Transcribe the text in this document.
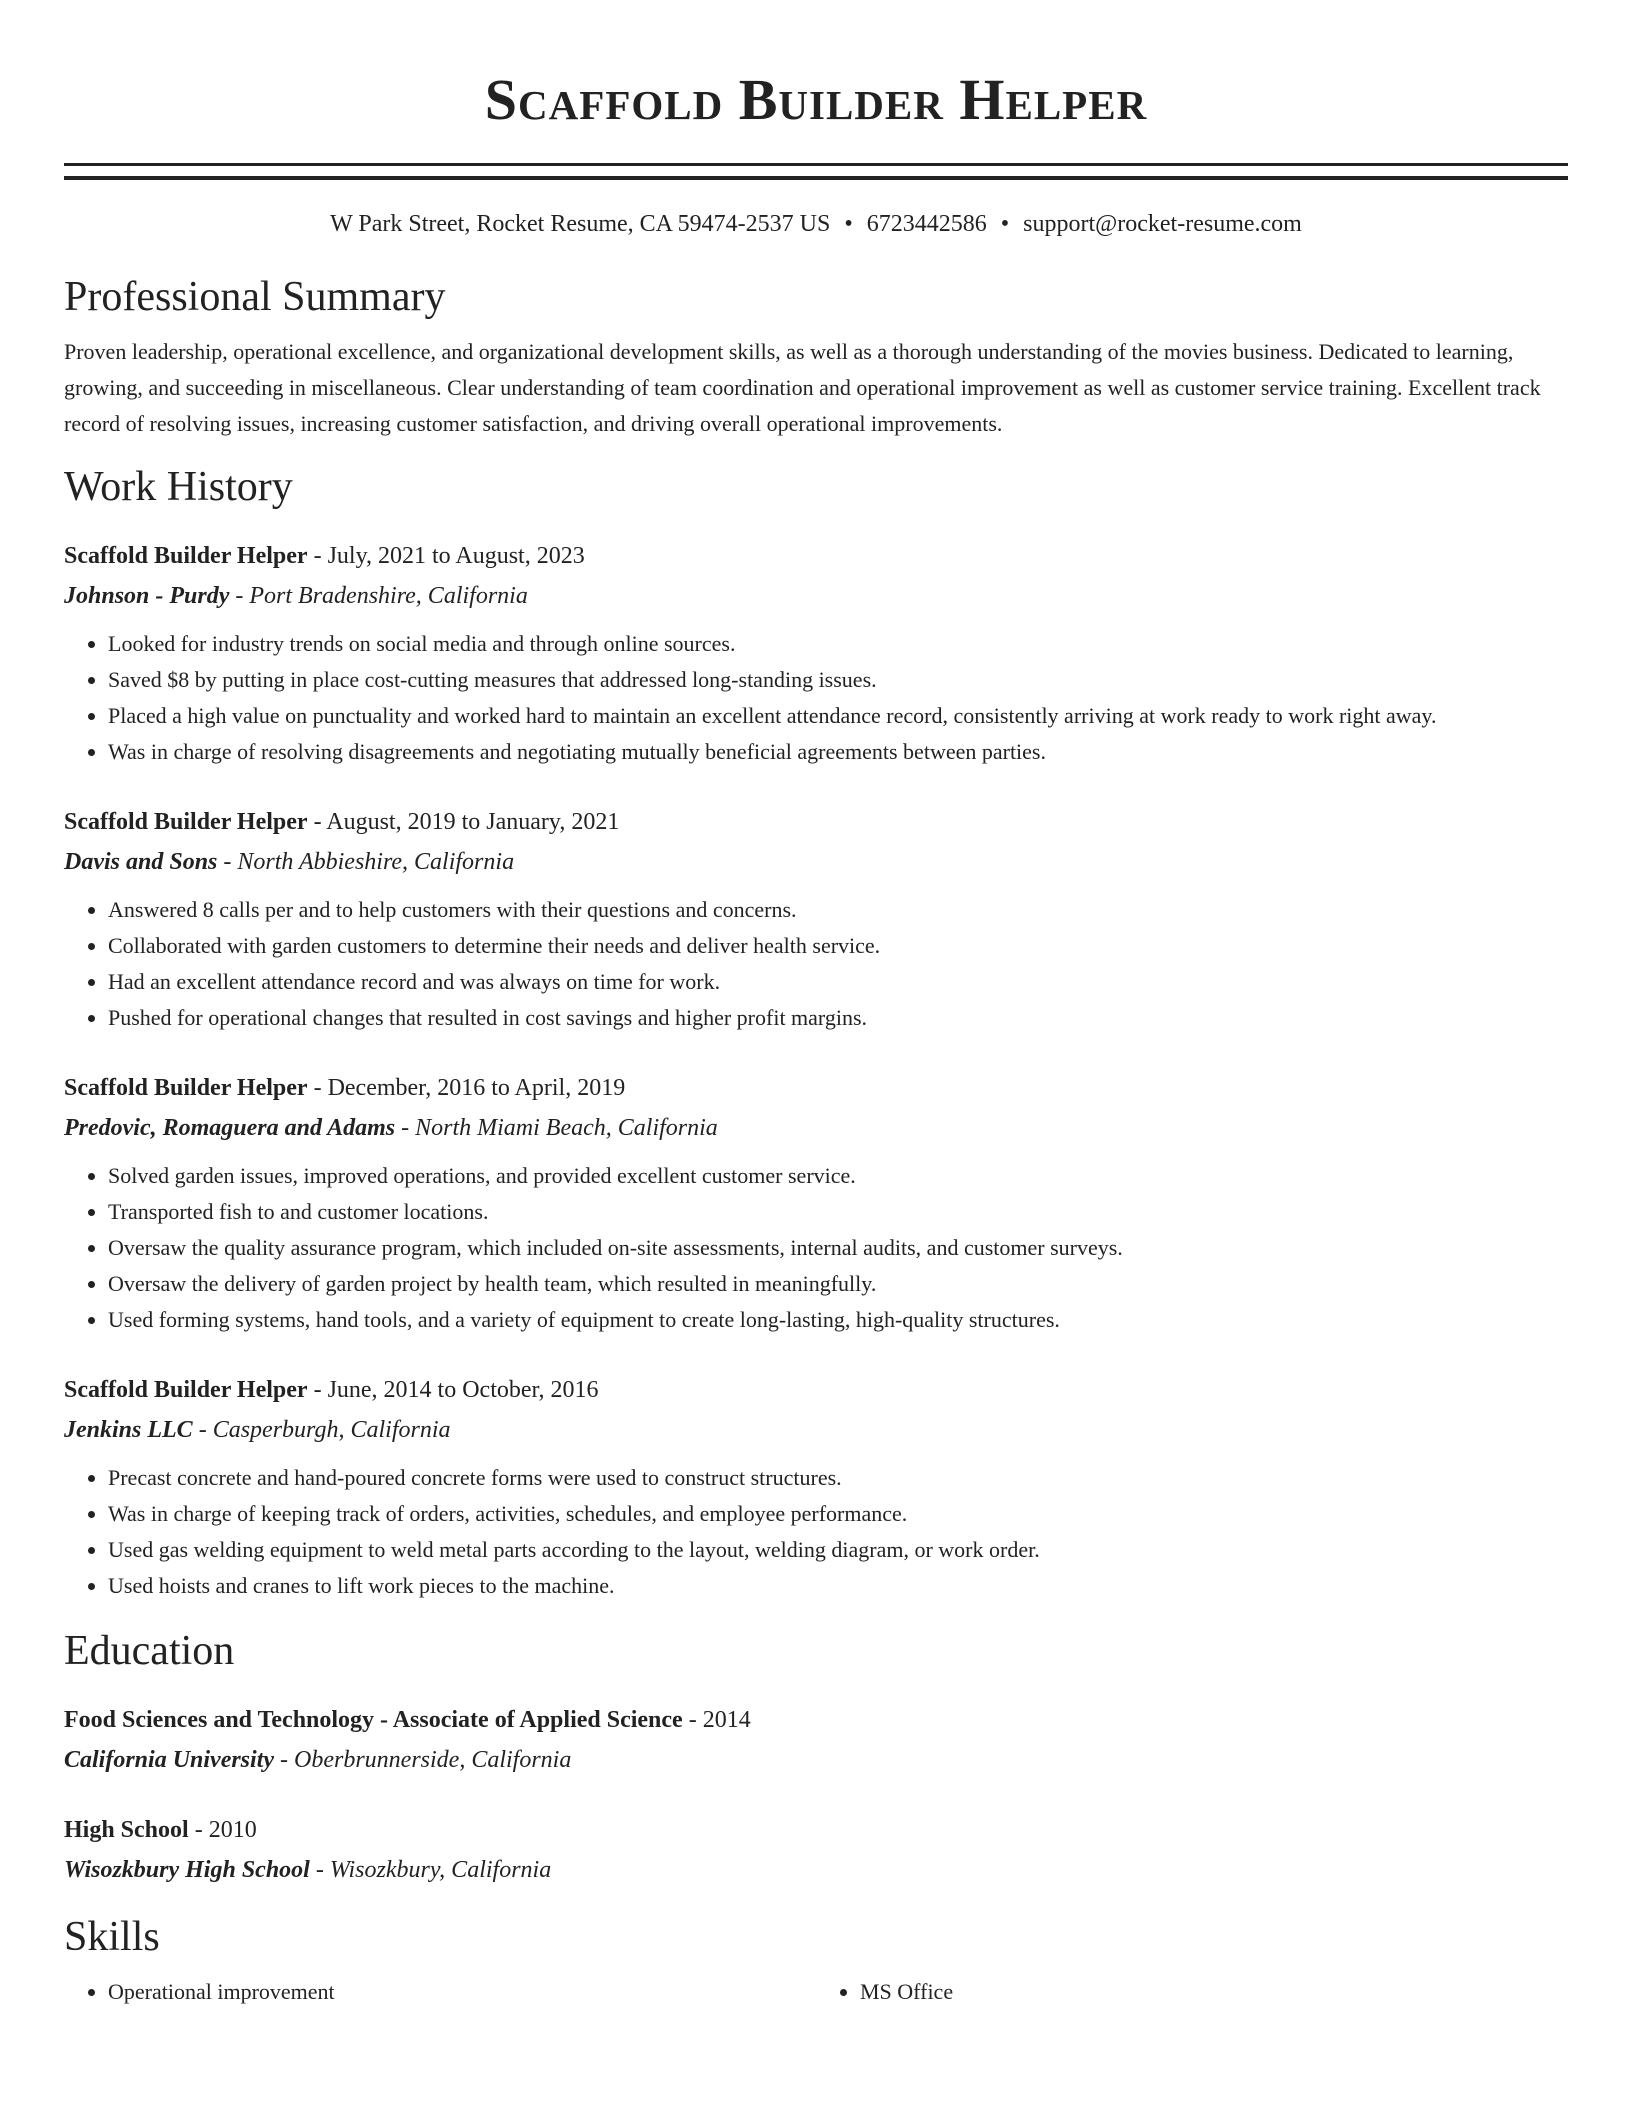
Scaffold Builder Helper
W Park Street, Rocket Resume, CA 59474-2537 US • 6723442586 • support@rocket-resume.com
Professional Summary
Proven leadership, operational excellence, and organizational development skills, as well as a thorough understanding of the movies business. Dedicated to learning, growing, and succeeding in miscellaneous. Clear understanding of team coordination and operational improvement as well as customer service training. Excellent track record of resolving issues, increasing customer satisfaction, and driving overall operational improvements.
Work History
Scaffold Builder Helper - July, 2021 to August, 2023
Johnson - Purdy - Port Bradenshire, California
• Looked for industry trends on social media and through online sources.
• Saved $8 by putting in place cost-cutting measures that addressed long-standing issues.
• Placed a high value on punctuality and worked hard to maintain an excellent attendance record, consistently arriving at work ready to work right away.
• Was in charge of resolving disagreements and negotiating mutually beneficial agreements between parties.
Scaffold Builder Helper - August, 2019 to January, 2021
Davis and Sons - North Abbieshire, California
• Answered 8 calls per and to help customers with their questions and concerns.
• Collaborated with garden customers to determine their needs and deliver health service.
• Had an excellent attendance record and was always on time for work.
• Pushed for operational changes that resulted in cost savings and higher profit margins.
Scaffold Builder Helper - December, 2016 to April, 2019
Predovic, Romaguera and Adams - North Miami Beach, California
• Solved garden issues, improved operations, and provided excellent customer service.
• Transported fish to and customer locations.
• Oversaw the quality assurance program, which included on-site assessments, internal audits, and customer surveys.
• Oversaw the delivery of garden project by health team, which resulted in meaningfully.
• Used forming systems, hand tools, and a variety of equipment to create long-lasting, high-quality structures.
Scaffold Builder Helper - June, 2014 to October, 2016
Jenkins LLC - Casperburgh, California
• Precast concrete and hand-poured concrete forms were used to construct structures.
• Was in charge of keeping track of orders, activities, schedules, and employee performance.
• Used gas welding equipment to weld metal parts according to the layout, welding diagram, or work order.
• Used hoists and cranes to lift work pieces to the machine.
Education
Food Sciences and Technology - Associate of Applied Science - 2014
California University - Oberbrunnerside, California
High School - 2010
Wisozkbury High School - Wisozkbury, California
Skills
• Operational improvement
•	MS Office
